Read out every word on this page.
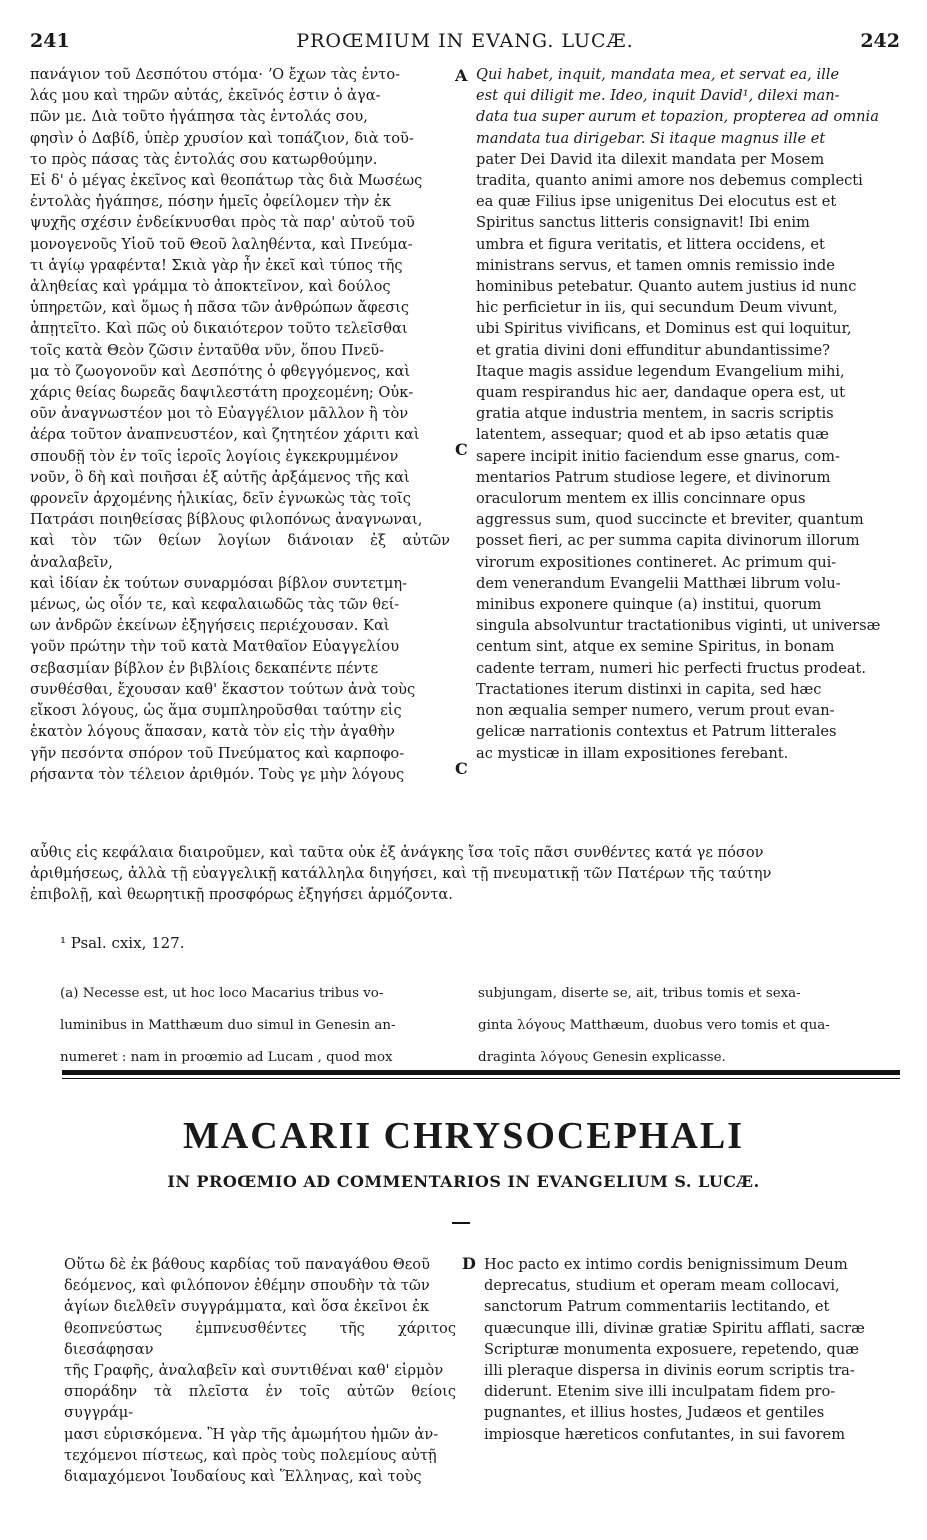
241	PROŒMIUM IN EVANG. LUCÆ.	242
A
C
C
D

πανάγιον τοῦ Δεσπότου στόμα· ʼΟ ἔχων τὰς ἐντο-

λάς μου καὶ τηρῶν αὐτάς, ἐκεῖνός ἐστιν ὁ ἀγα-

πῶν με. Διὰ τοῦτο ἠγάπησα τὰς ἐντολάς σου,

φησὶν ὁ Δαβίδ, ὑπὲρ χρυσίον καὶ τοπάζιον, διὰ τοῦ-

το πρὸς πάσας τὰς ἐντολάς σου κατωρθούμην.

Εἰ δ' ὁ μέγας ἐκεῖνος καὶ θεοπάτωρ τὰς διὰ Μωσέως

ἐντολὰς ἠγάπησε, πόσην ἡμεῖς ὀφείλομεν τὴν ἐκ

ψυχῆς σχέσιν ἐνδείκνυσθαι πρὸς τὰ παρ' αὐτοῦ τοῦ

μονογενοῦς Υἱοῦ τοῦ Θεοῦ λαληθέντα, καὶ Πνεύμα-

τι ἁγίῳ γραφέντα! Σκιὰ γὰρ ἦν ἐκεῖ καὶ τύπος τῆς

ἀληθείας καὶ γράμμα τὸ ἀποκτεῖνον, καὶ δούλος

ὑπηρετῶν, καὶ ὅμως ἡ πᾶσα τῶν ἀνθρώπων ἄφεσις

ἀπῃτεῖτο. Καὶ πῶς οὐ δικαιότερον τοῦτο τελεῖσθαι

τοῖς κατὰ Θεὸν ζῶσιν ἐνταῦθα νῦν, ὅπου Πνεῦ-

μα τὸ ζωογονοῦν καὶ Δεσπότης ὁ φθεγγόμενος, καὶ

χάρις θείας δωρεᾶς δαψιλεστάτη προχεομένη; Οὐκ-

οῦν ἀναγνωστέον μοι τὸ Εὐαγγέλιον μᾶλλον ἢ τὸν

ἀέρα τοῦτον ἀναπνευστέον, καὶ ζητητέον χάριτι καὶ

σπουδῇ τὸν ἐν τοῖς ἱεροῖς λογίοις ἐγκεκρυμμένον

νοῦν, ὃ δὴ καὶ ποιῆσαι ἐξ αὐτῆς ἀρξάμενος τῆς καὶ

φρονεῖν ἀρχομένης ἡλικίας, δεῖν ἐγνωκὼς τὰς τοῖς

Πατράσι ποιηθείσας βίβλους φιλοπόνως ἀναγνωναι,

καὶ τὸν τῶν θείων λογίων διάνοιαν ἐξ αὐτῶν ἀναλαβεῖν,

καὶ ἰδίαν ἐκ τούτων συναρμόσαι βίβλον συντετμη-

μένως, ὡς οἷόν τε, καὶ κεφαλαιωδῶς τὰς τῶν θεί-

ων ἀνδρῶν ἐκείνων ἐξηγήσεις περιέχουσαν. Καὶ

γοῦν πρώτην τὴν τοῦ κατὰ Ματθαῖον Εὐαγγελίου

σεβασμίαν βίβλον ἐν βιβλίοις δεκαπέντε πέντε

συνθέσθαι, ἔχουσαν καθ' ἕκαστον τούτων ἀνὰ τοὺς

εἴκοσι λόγους, ὡς ἅμα συμπληροῦσθαι ταύτην εἰς

ἑκατὸν λόγους ἅπασαν, κατὰ τὸν εἰς τὴν ἀγαθὴν

γῆν πεσόντα σπόρον τοῦ Πνεύματος καὶ καρποφο-

ρήσαντα τὸν τέλειον ἀριθμόν. Τοὺς γε μὴν λόγους

Qui habet, inquit, mandata mea, et servat ea, ille

est qui diligit me. Ideo, inquit David¹, dilexi man-

data tua super aurum et topazion, propterea ad omnia

mandata tua dirigebar. Si itaque magnus ille et

pater Dei David ita dilexit mandata per Mosem

tradita, quanto animi amore nos debemus complecti

ea quæ Filius ipse unigenitus Dei elocutus est et

Spiritus sanctus litteris consignavit! Ibi enim

umbra et figura veritatis, et littera occidens, et

ministrans servus, et tamen omnis remissio inde

hominibus petebatur. Quanto autem justius id nunc

hic perficietur in iis, qui secundum Deum vivunt,

ubi Spiritus vivificans, et Dominus est qui loquitur,

et gratia divini doni effunditur abundantissime?

Itaque magis assidue legendum Evangelium mihi,

quam respirandus hic aer, dandaque opera est, ut

gratia atque industria mentem, in sacris scriptis

latentem, assequar; quod et ab ipso ætatis quæ

sapere incipit initio faciendum esse gnarus, com-

mentarios Patrum studiose legere, et divinorum

oraculorum mentem ex illis concinnare opus

aggressus sum, quod succincte et breviter, quantum

posset fieri, ac per summa capita divinorum illorum

virorum expositiones contineret. Ac primum qui-

dem venerandum Evangelii Matthæi librum volu-

minibus exponere quinque (a) institui, quorum

singula absolvuntur tractationibus viginti, ut universæ

centum sint, atque ex semine Spiritus, in bonam

cadente terram, numeri hic perfecti fructus prodeat.

Tractationes iterum distinxi in capita, sed hæc

non æqualia semper numero, verum prout evan-

gelicæ narrationis contextus et Patrum litterales

ac mysticæ in illam expositiones ferebant.

αὖθις εἰς κεφάλαια διαιροῦμεν, καὶ ταῦτα οὐκ ἐξ ἀνάγκης ἴσα τοῖς πᾶσι συνθέντες κατά γε πόσον

ἀριθμήσεως, ἀλλὰ τῇ εὐαγγελικῇ κατάλληλα διηγήσει, καὶ τῇ πνευματικῇ τῶν Πατέρων τῆς ταύτην

ἐπιβολῇ, καὶ θεωρητικῇ προσφόρως ἐξηγήσει ἁρμόζοντα.

¹ Psal. cxix, 127.

(a) Necesse est, ut hoc loco Macarius tribus vo-

luminibus in Matthæum duo simul in Genesin an-

numeret : nam in proœmio ad Lucam , quod mox

subjungam, diserte se, ait, tribus tomis et sexa-

ginta λόγους Matthæum, duobus vero tomis et qua-

draginta λόγους Genesin explicasse.

MACARII CHRYSOCEPHALI
IN PROŒMIO AD COMMENTARIOS IN EVANGELIUM S. LUCÆ.

Οὕτω δὲ ἐκ βάθους καρδίας τοῦ παναγάθου Θεοῦ

δεόμενος, καὶ φιλόπονον ἐθέμην σπουδὴν τὰ τῶν

ἁγίων διελθεῖν συγγράμματα, καὶ ὅσα ἐκεῖνοι ἐκ

θεοπνεύστως ἐμπνευσθέντες τῆς χάριτος διεσάφησαν

τῆς Γραφῆς, ἀναλαβεῖν καὶ συντιθέναι καθ' εἱρμὸν

σποράδην τὰ πλεῖστα ἐν τοῖς αὐτῶν θείοις συγγράμ-

μασι εὑρισκόμενα. Ἢ γὰρ τῆς ἀμωμήτου ἡμῶν ἀν-

τεχόμενοι πίστεως, καὶ πρὸς τοὺς πολεμίους αὐτῇ

διαμαχόμενοι Ἰουδαίους καὶ Ἕλληνας, καὶ τοὺς

Hoc pacto ex intimo cordis benignissimum Deum

deprecatus, studium et operam meam collocavi,

sanctorum Patrum commentariis lectitando, et

quæcunque illi, divinæ gratiæ Spiritu afflati, sacræ

Scripturæ monumenta exposuere, repetendo, quæ

illi pleraque dispersa in divinis eorum scriptis tra-

diderunt. Etenim sive illi inculpatam fidem pro-

pugnantes, et illius hostes, Judæos et gentiles

impiosque hæreticos confutantes, in sui favorem
